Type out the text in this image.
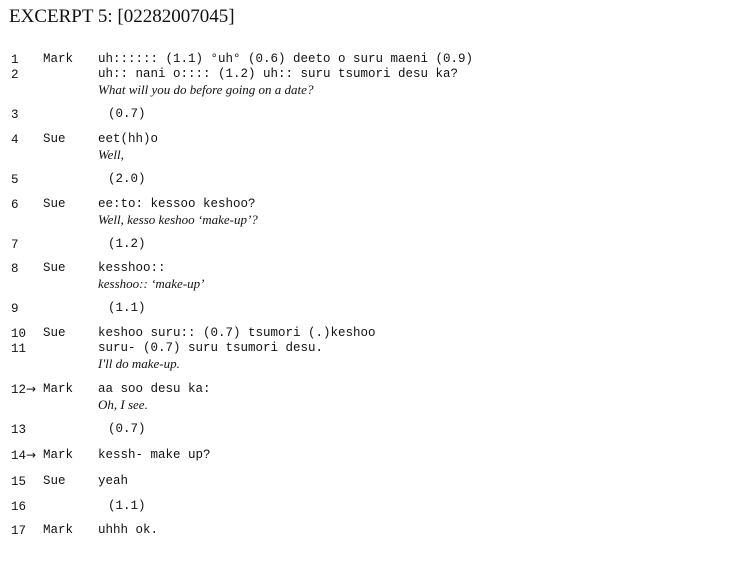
EXCERPT 5: [02282007045]
1 Mark uh:::::: (1.1) °uh° (0.6) deeto o suru maeni (0.9)
2	uh:: nani o:::: (1.2) uh:: suru tsumori desu ka?
What will you do before going on a date?
3	(0.7)
4 Sue	eet(hh)o
Well,
5	(2.0)
6 Sue	ee:to: kessoo keshoo?
Well, kesso keshoo ‘make-up’?
7	(1.2)
8 Sue	kesshoo::
kesshoo:: ‘make-up’
9	(1.1)
10 Sue	keshoo suru:: (0.7) tsumori (.)keshoo
11	suru- (0.7) suru tsumori desu.
I'll do make-up.
12→ Mark aa soo desu ka:
Oh, I see.
13	(0.7)
14→ Mark kessh- make up?
15 Sue	yeah
16	(1.1)
17 Mark uhhh ok.
